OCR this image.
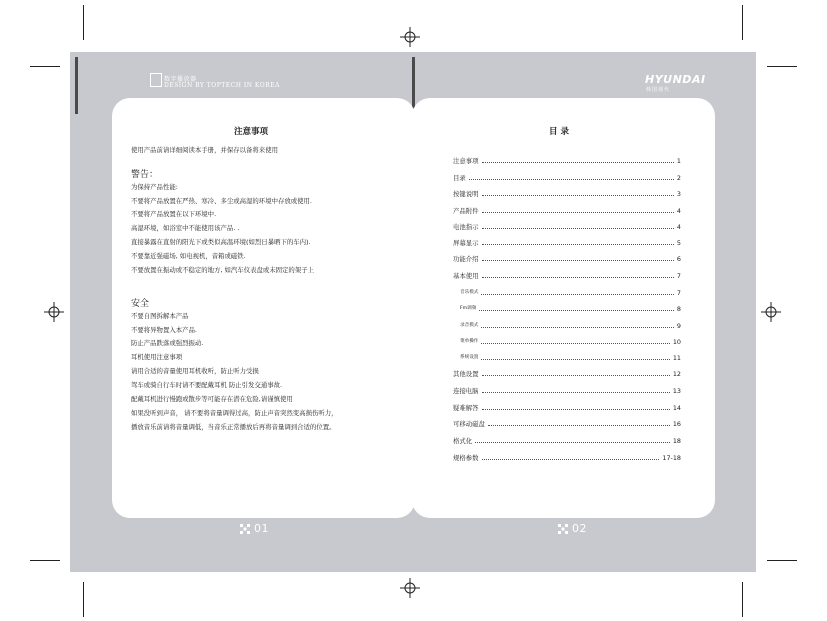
数字播放器
DESIGN BY TOPTECH IN KOREA	HYUNDAI
韩国现代
注意事项
使用产品前请详细阅读本手册，并保存以备将来使用
警告：
为保持产品性能:
不要将产品放置在严热、寒冷、多尘或高湿的环境中存放或使用.
不要将产品放置在以下环境中.
高湿环境，如浴室中不能使用该产品. .
直接暴露在直射的阳光下或类似高温环境(如烈日暴晒下的车内).
不要靠近强磁场, 如电视机，音箱或磁铁.
不要放置在振动或不稳定的地方, 如汽车仪表盘或未固定的架子上
安全
不要自图拆解本产品
不要将异物置入本产品.
防止产品跌落或强烈振动.
耳机使用注意事项
请用合适的音量使用耳机收听，防止听力受损
驾车或骑自行车时请不要配戴耳机 防止引发交通事故.
配戴耳机进行慢跑或散步等可能存在潜在危险,请谨慎使用
如果没听到声音， 请不要将音量调得过高，防止声音突然变高损伤听力，
播放音乐前请将音量调低，当音乐正常播放后再将音量调到合适的位置。
目 录
注意事项	1
目录	2
按键说明	3
产品附件	4
电池指示	4
屏幕显示	5
功能介绍	6
基本使用	7
音乐模式	7
Fm调频	8
录音模式	9
菜单操作	10
系统设置	11
其他设置	12
连接电脑	13
疑难解答	14
可移动磁盘	16
格式化	18
规格参数	17-18
01	02
